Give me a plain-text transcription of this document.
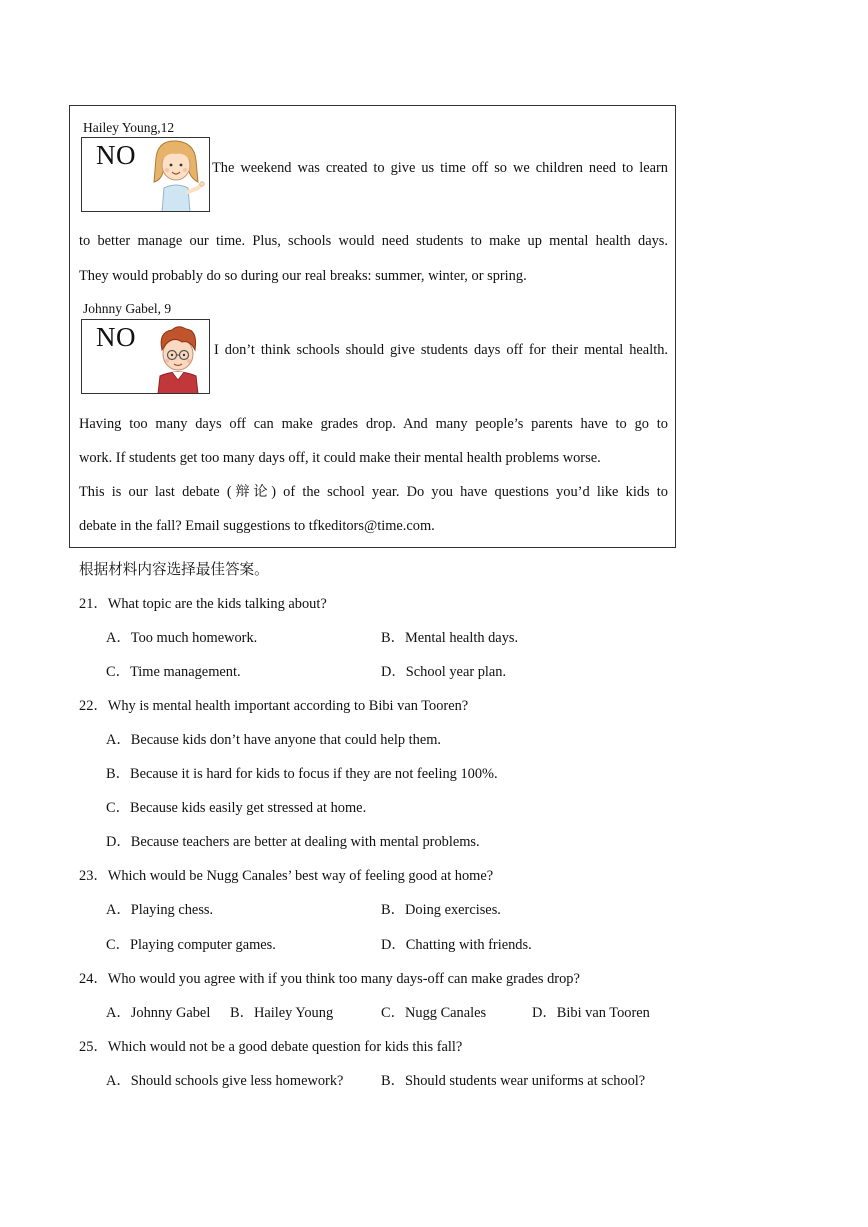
Hailey Young,12
NO	The weekend was created to give us time off so we children need to learn
to better manage our time. Plus, schools would need students to make up mental health days.
They would probably do so during our real breaks: summer, winter, or spring.
Johnny Gabel, 9
NO	I don’t think schools should give students days off for their mental health.
Having too many days off can make grades drop. And many people’s parents have to go to
work. If students get too many days off, it could make their mental health problems worse.
This is our last debate (辩论) of the school year. Do you have questions you’d like kids to
debate in the fall? Email suggestions to tfkeditors@time.com.
根据材料内容选择最佳答案。
21．What topic are the kids talking about?
A．Too much homework.	B．Mental health days.
C．Time management.	D．School year plan.
22．Why is mental health important according to Bibi van Tooren?
A．Because kids don’t have anyone that could help them.
B．Because it is hard for kids to focus if they are not feeling 100%.
C．Because kids easily get stressed at home.
D．Because teachers are better at dealing with mental problems.
23．Which would be Nugg Canales’ best way of feeling good at home?
A．Playing chess.	B．Doing exercises.
C．Playing computer games.	D．Chatting with friends.
24．Who would you agree with if you think too many days-off can make grades drop?
A．Johnny Gabel B．Hailey Young	C．Nugg Canales	D．Bibi van Tooren
25．Which would not be a good debate question for kids this fall?
A．Should schools give less homework?	B．Should students wear uniforms at school?
